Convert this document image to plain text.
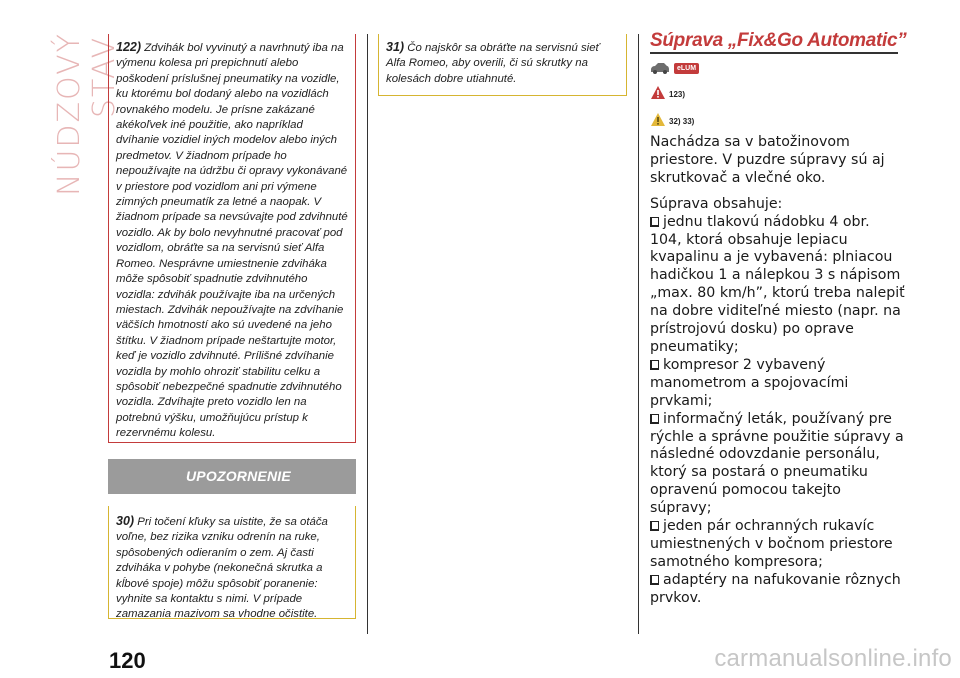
NÚDZOVÝ STAV

122) Zdvihák bol vyvinutý a navrhnutý iba na výmenu kolesa pri prepichnutí alebo poškodení príslušnej pneumatiky na vozidle, ku ktorému bol dodaný alebo na vozidlách rovnakého modelu. Je prísne zakázané akékoľvek iné použitie, ako napríklad dvíhanie vozidiel iných modelov alebo iných predmetov. V žiadnom prípade ho nepoužívajte na údržbu či opravy vykonávané v priestore pod vozidlom ani pri výmene zimných pneumatík za letné a naopak. V žiadnom prípade sa nevsúvajte pod zdvihnuté vozidlo. Ak by bolo nevyhnutné pracovať pod vozidlom, obráťte sa na servisnú sieť Alfa Romeo. Nesprávne umiestnenie zdviháka môže spôsobiť spadnutie zdvihnutého vozidla: zdvihák používajte iba na určených miestach. Zdvihák nepoužívajte na zdvíhanie väčších hmotností ako sú uvedené na jeho štítku. V žiadnom prípade neštartujte motor, keď je vozidlo zdvihnuté. Prílišné zdvíhanie vozidla by mohlo ohroziť stabilitu celku a spôsobiť nebezpečné spadnutie zdvihnutého vozidla. Zdvíhajte preto vozidlo len na potrebnú výšku, umožňujúcu prístup k rezervnému kolesu.

UPOZORNENIE

30) Pri točení kľuky sa uistite, že sa otáča voľne, bez rizika vzniku odrenín na ruke, spôsobených odieraním o zem. Aj časti zdviháka v pohybe (nekonečná skrutka a kĺbové spoje) môžu spôsobiť poranenie: vyhnite sa kontaktu s nimi. V prípade zamazania mazivom sa vhodne očistite.

31) Čo najskôr sa obráťte na servisnú sieť Alfa Romeo, aby overili, či sú skrutky na kolesách dobre utiahnuté.

Súprava „Fix&Go Automatic”
eLUM
123)
32) 33)

Nachádza sa v batožinovom priestore. V puzdre súpravy sú aj skrutkovač a vlečné oko.

Súprava obsahuje:

jednu tlakovú nádobku 4 obr. 104, ktorá obsahuje lepiacu kvapalinu a je vybavená: plniacou hadičkou 1 a nálepkou 3 s nápisom „max. 80 km/h”, ktorú treba nalepiť na dobre viditeľné miesto (napr. na prístrojovú dosku) po oprave pneumatiky;
kompresor 2 vybavený manometrom a spojovacími prvkami;
informačný leták, používaný pre rýchle a správne použitie súpravy a následné odovzdanie personálu, ktorý sa postará o pneumatiku opravenú pomocou takejto súpravy;
jeden pár ochranných rukavíc umiestnených v bočnom priestore samotného kompresora;
adaptéry na nafukovanie rôznych prvkov.
120	carmanualsonline.info
